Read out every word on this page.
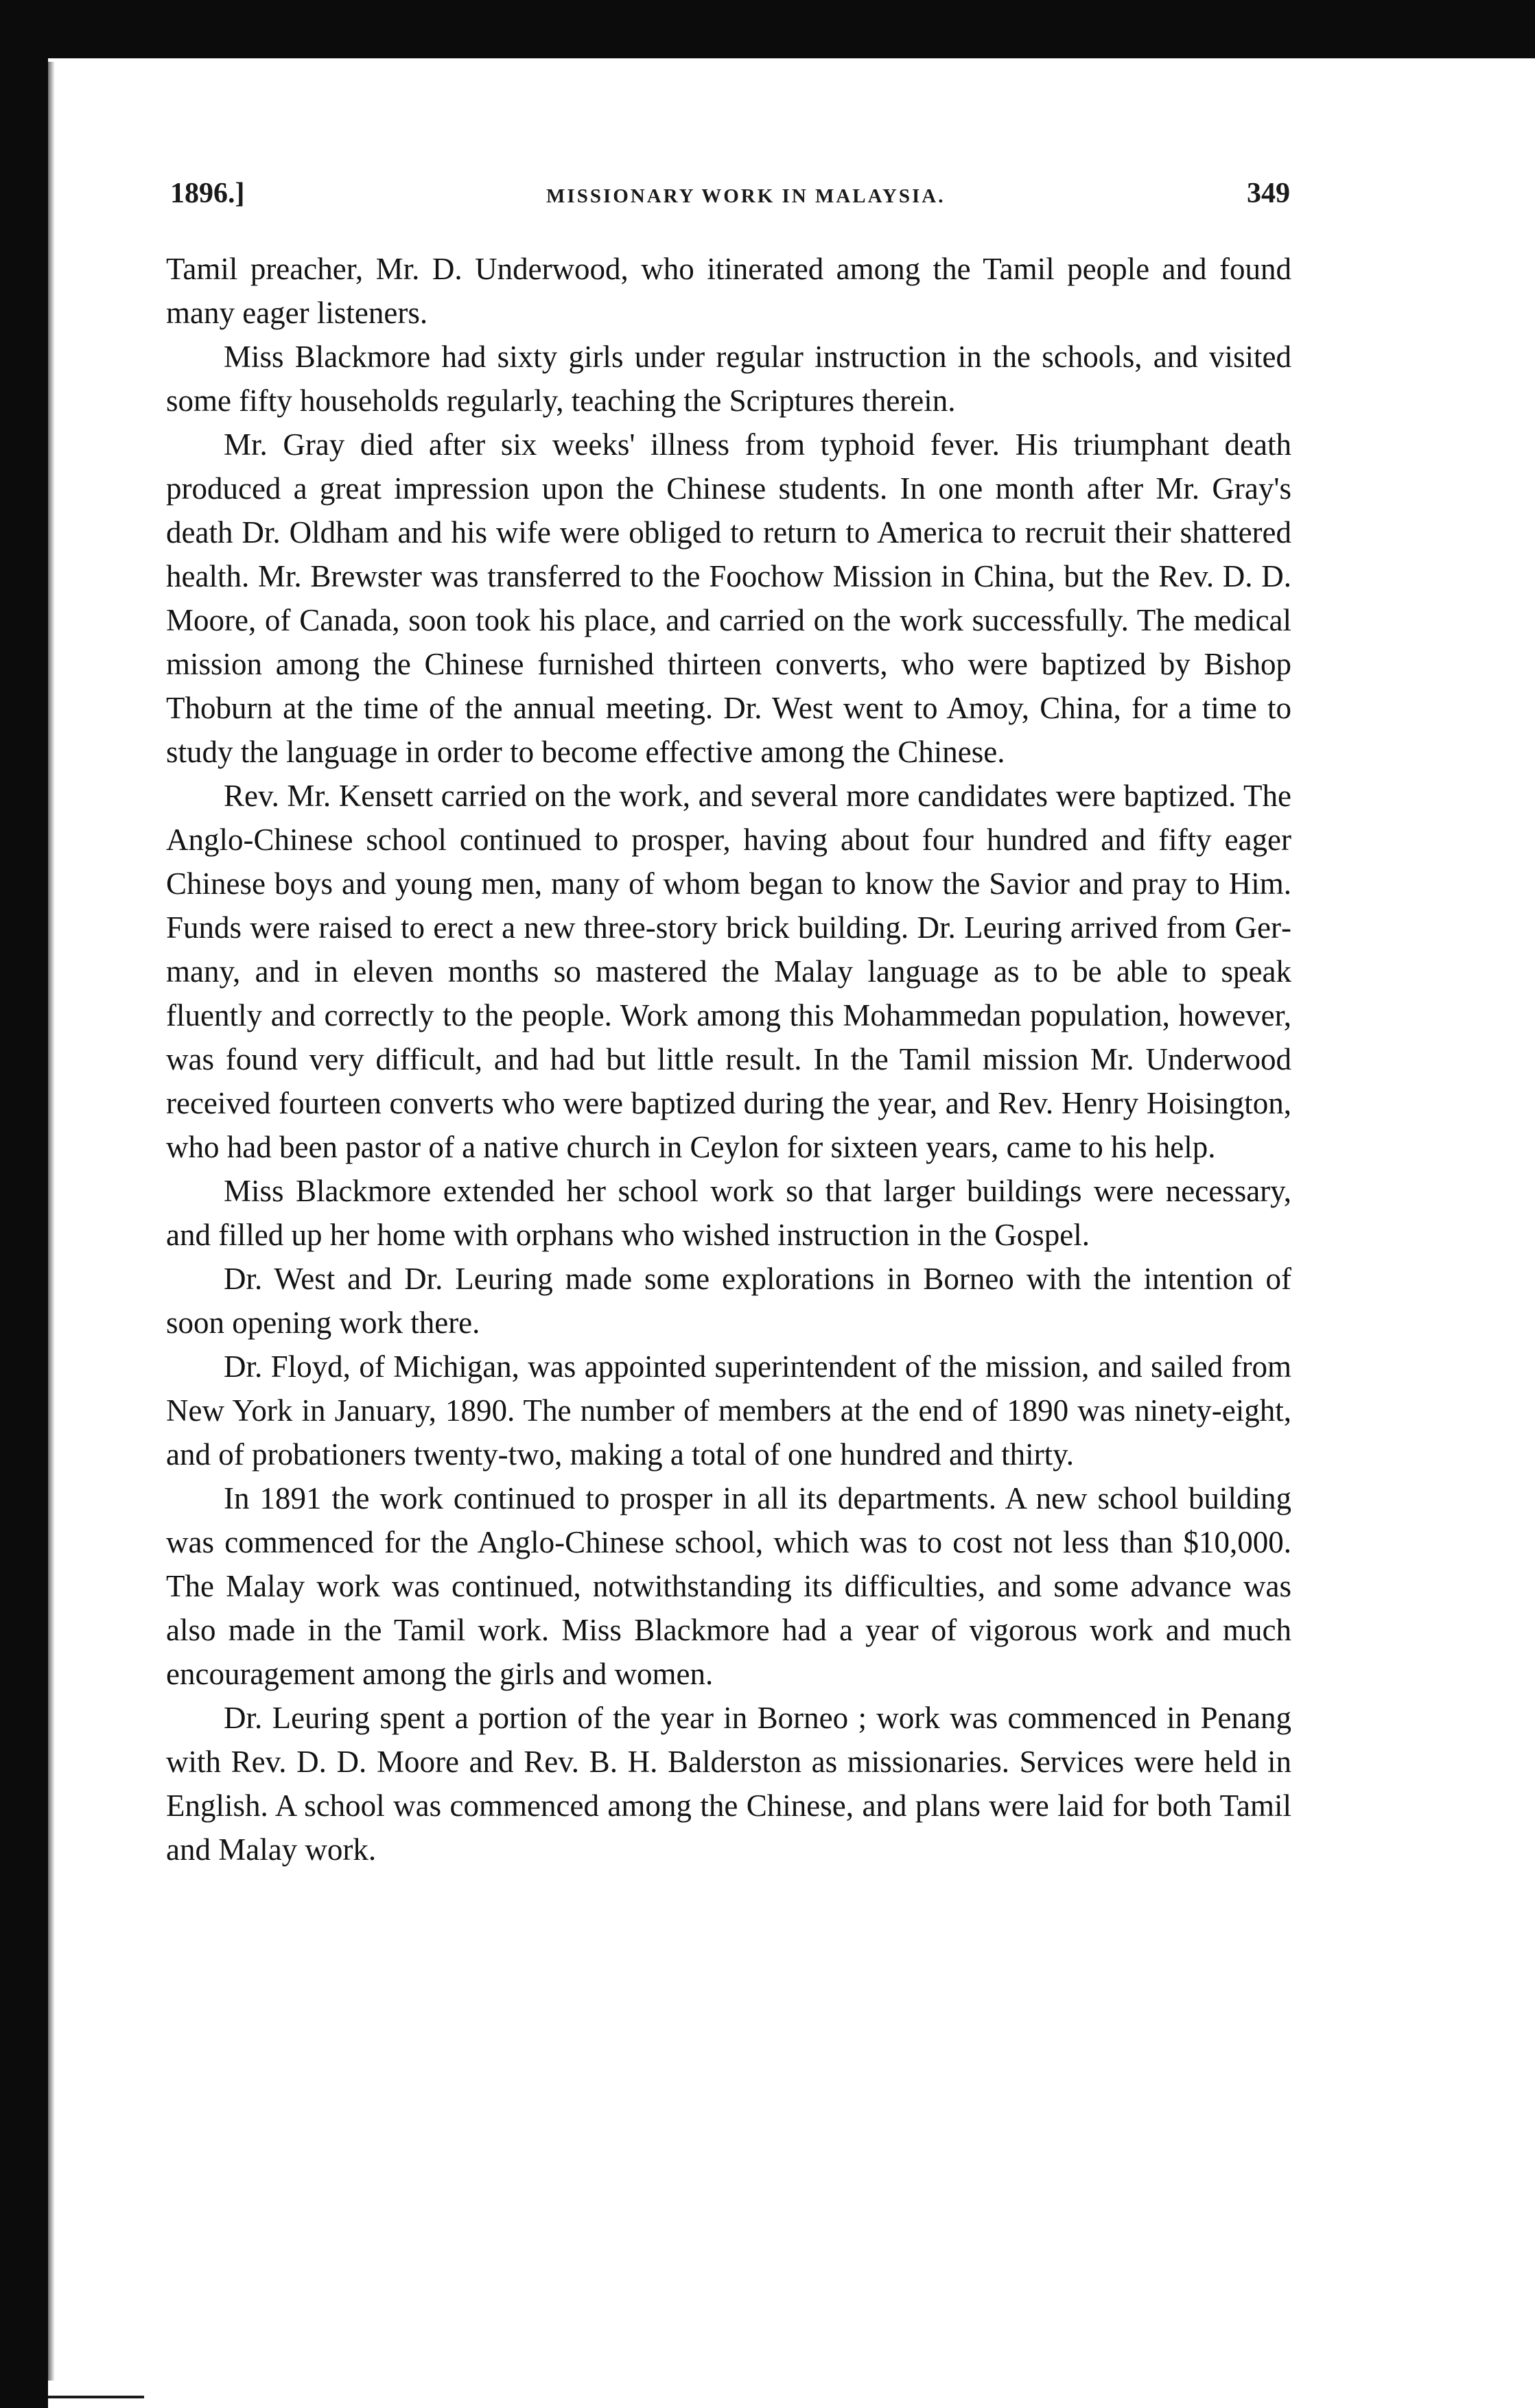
1896.]	MISSIONARY WORK IN MALAYSIA.	349

Tamil preacher, Mr. D. Underwood, who itinerated among the Tamil people and found many eager listeners.

Miss Blackmore had sixty girls under regular instruction in the schools, and visited some fifty households regularly, teaching the Scriptures therein.

Mr. Gray died after six weeks' illness from typhoid fever. His triumphant death produced a great impression upon the Chinese students. In one month after Mr. Gray's death Dr. Oldham and his wife were obliged to return to America to recruit their shattered health. Mr. Brewster was transferred to the Foochow Mission in China, but the Rev. D. D. Moore, of Canada, soon took his place, and carried on the work successfully. The medical mission among the Chinese furnished thirteen converts, who were baptized by Bishop Thoburn at the time of the annual meeting. Dr. West went to Amoy, China, for a time to study the language in order to become effective among the Chinese.

Rev. Mr. Kensett carried on the work, and several more candidates were baptized. The Anglo-Chinese school continued to prosper, having about four hundred and fifty eager Chinese boys and young men, many of whom began to know the Savior and pray to Him. Funds were raised to erect a new three-story brick building. Dr. Leuring arrived from Germany, and in eleven months so mastered the Malay language as to be able to speak fluently and correctly to the people. Work among this Mohammedan population, however, was found very difficult, and had but little result. In the Tamil mission Mr. Underwood received fourteen converts who were baptized during the year, and Rev. Henry Hoisington, who had been pastor of a native church in Ceylon for sixteen years, came to his help.

Miss Blackmore extended her school work so that larger buildings were necessary, and filled up her home with orphans who wished instruction in the Gospel.

Dr. West and Dr. Leuring made some explorations in Borneo with the intention of soon opening work there.

Dr. Floyd, of Michigan, was appointed superintendent of the mission, and sailed from New York in January, 1890. The number of members at the end of 1890 was ninety-eight, and of probationers twenty-two, making a total of one hundred and thirty.

In 1891 the work continued to prosper in all its departments. A new school building was commenced for the Anglo-Chinese school, which was to cost not less than $10,000. The Malay work was continued, notwithstanding its difficulties, and some advance was also made in the Tamil work. Miss Blackmore had a year of vigorous work and much encouragement among the girls and women.

Dr. Leuring spent a portion of the year in Borneo ; work was commenced in Penang with Rev. D. D. Moore and Rev. B. H. Balderston as missionaries. Services were held in English. A school was commenced among the Chinese, and plans were laid for both Tamil and Malay work.
